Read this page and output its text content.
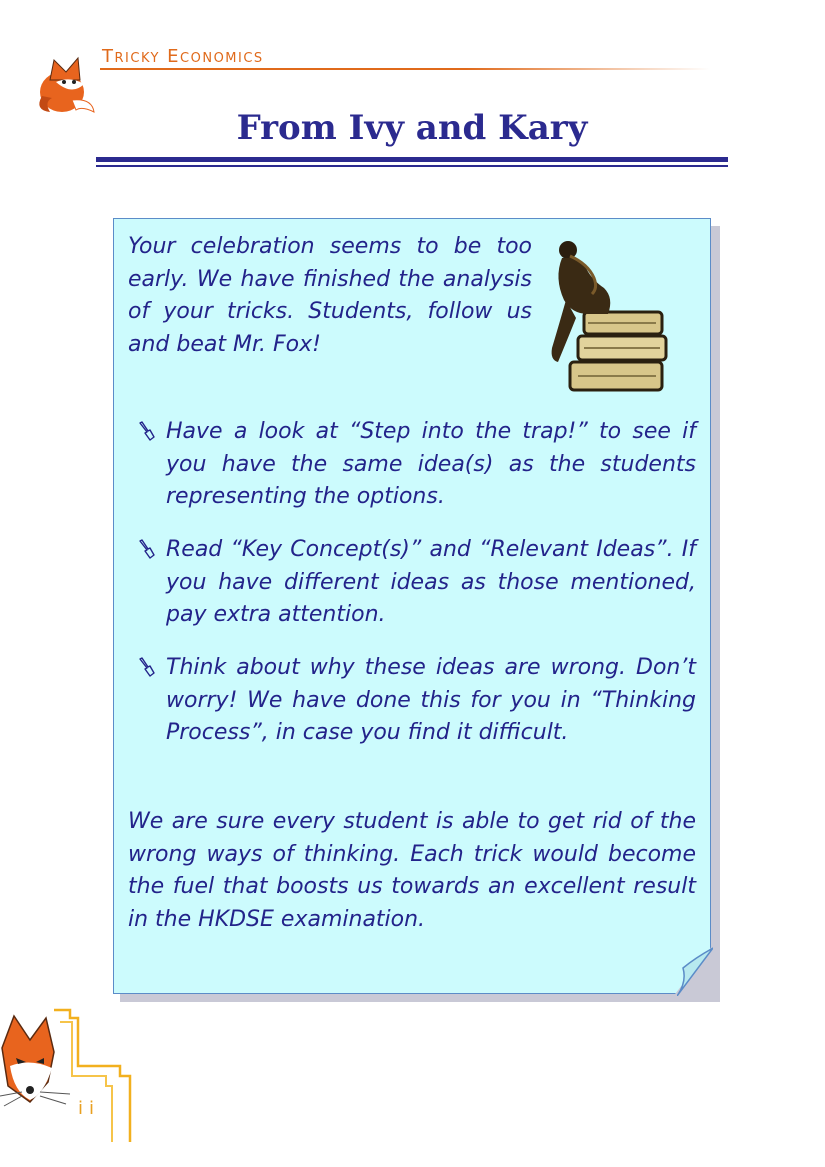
Tricky Economics
From Ivy and Kary
Your celebration seems to be too early. We have finished the analysis of your tricks. Students, follow us and beat Mr. Fox!
Have a look at “Step into the trap!” to see if you have the same idea(s) as the students representing the options.
Read “Key Concept(s)” and “Relevant Ideas”. If you have different ideas as those mentioned, pay extra attention.
Think about why these ideas are wrong. Don’t worry! We have done this for you in “Thinking Process”, in case you find it difficult.
We are sure every student is able to get rid of the wrong ways of thinking. Each trick would become the fuel that boosts us towards an excellent result in the HKDSE examination.
ii
